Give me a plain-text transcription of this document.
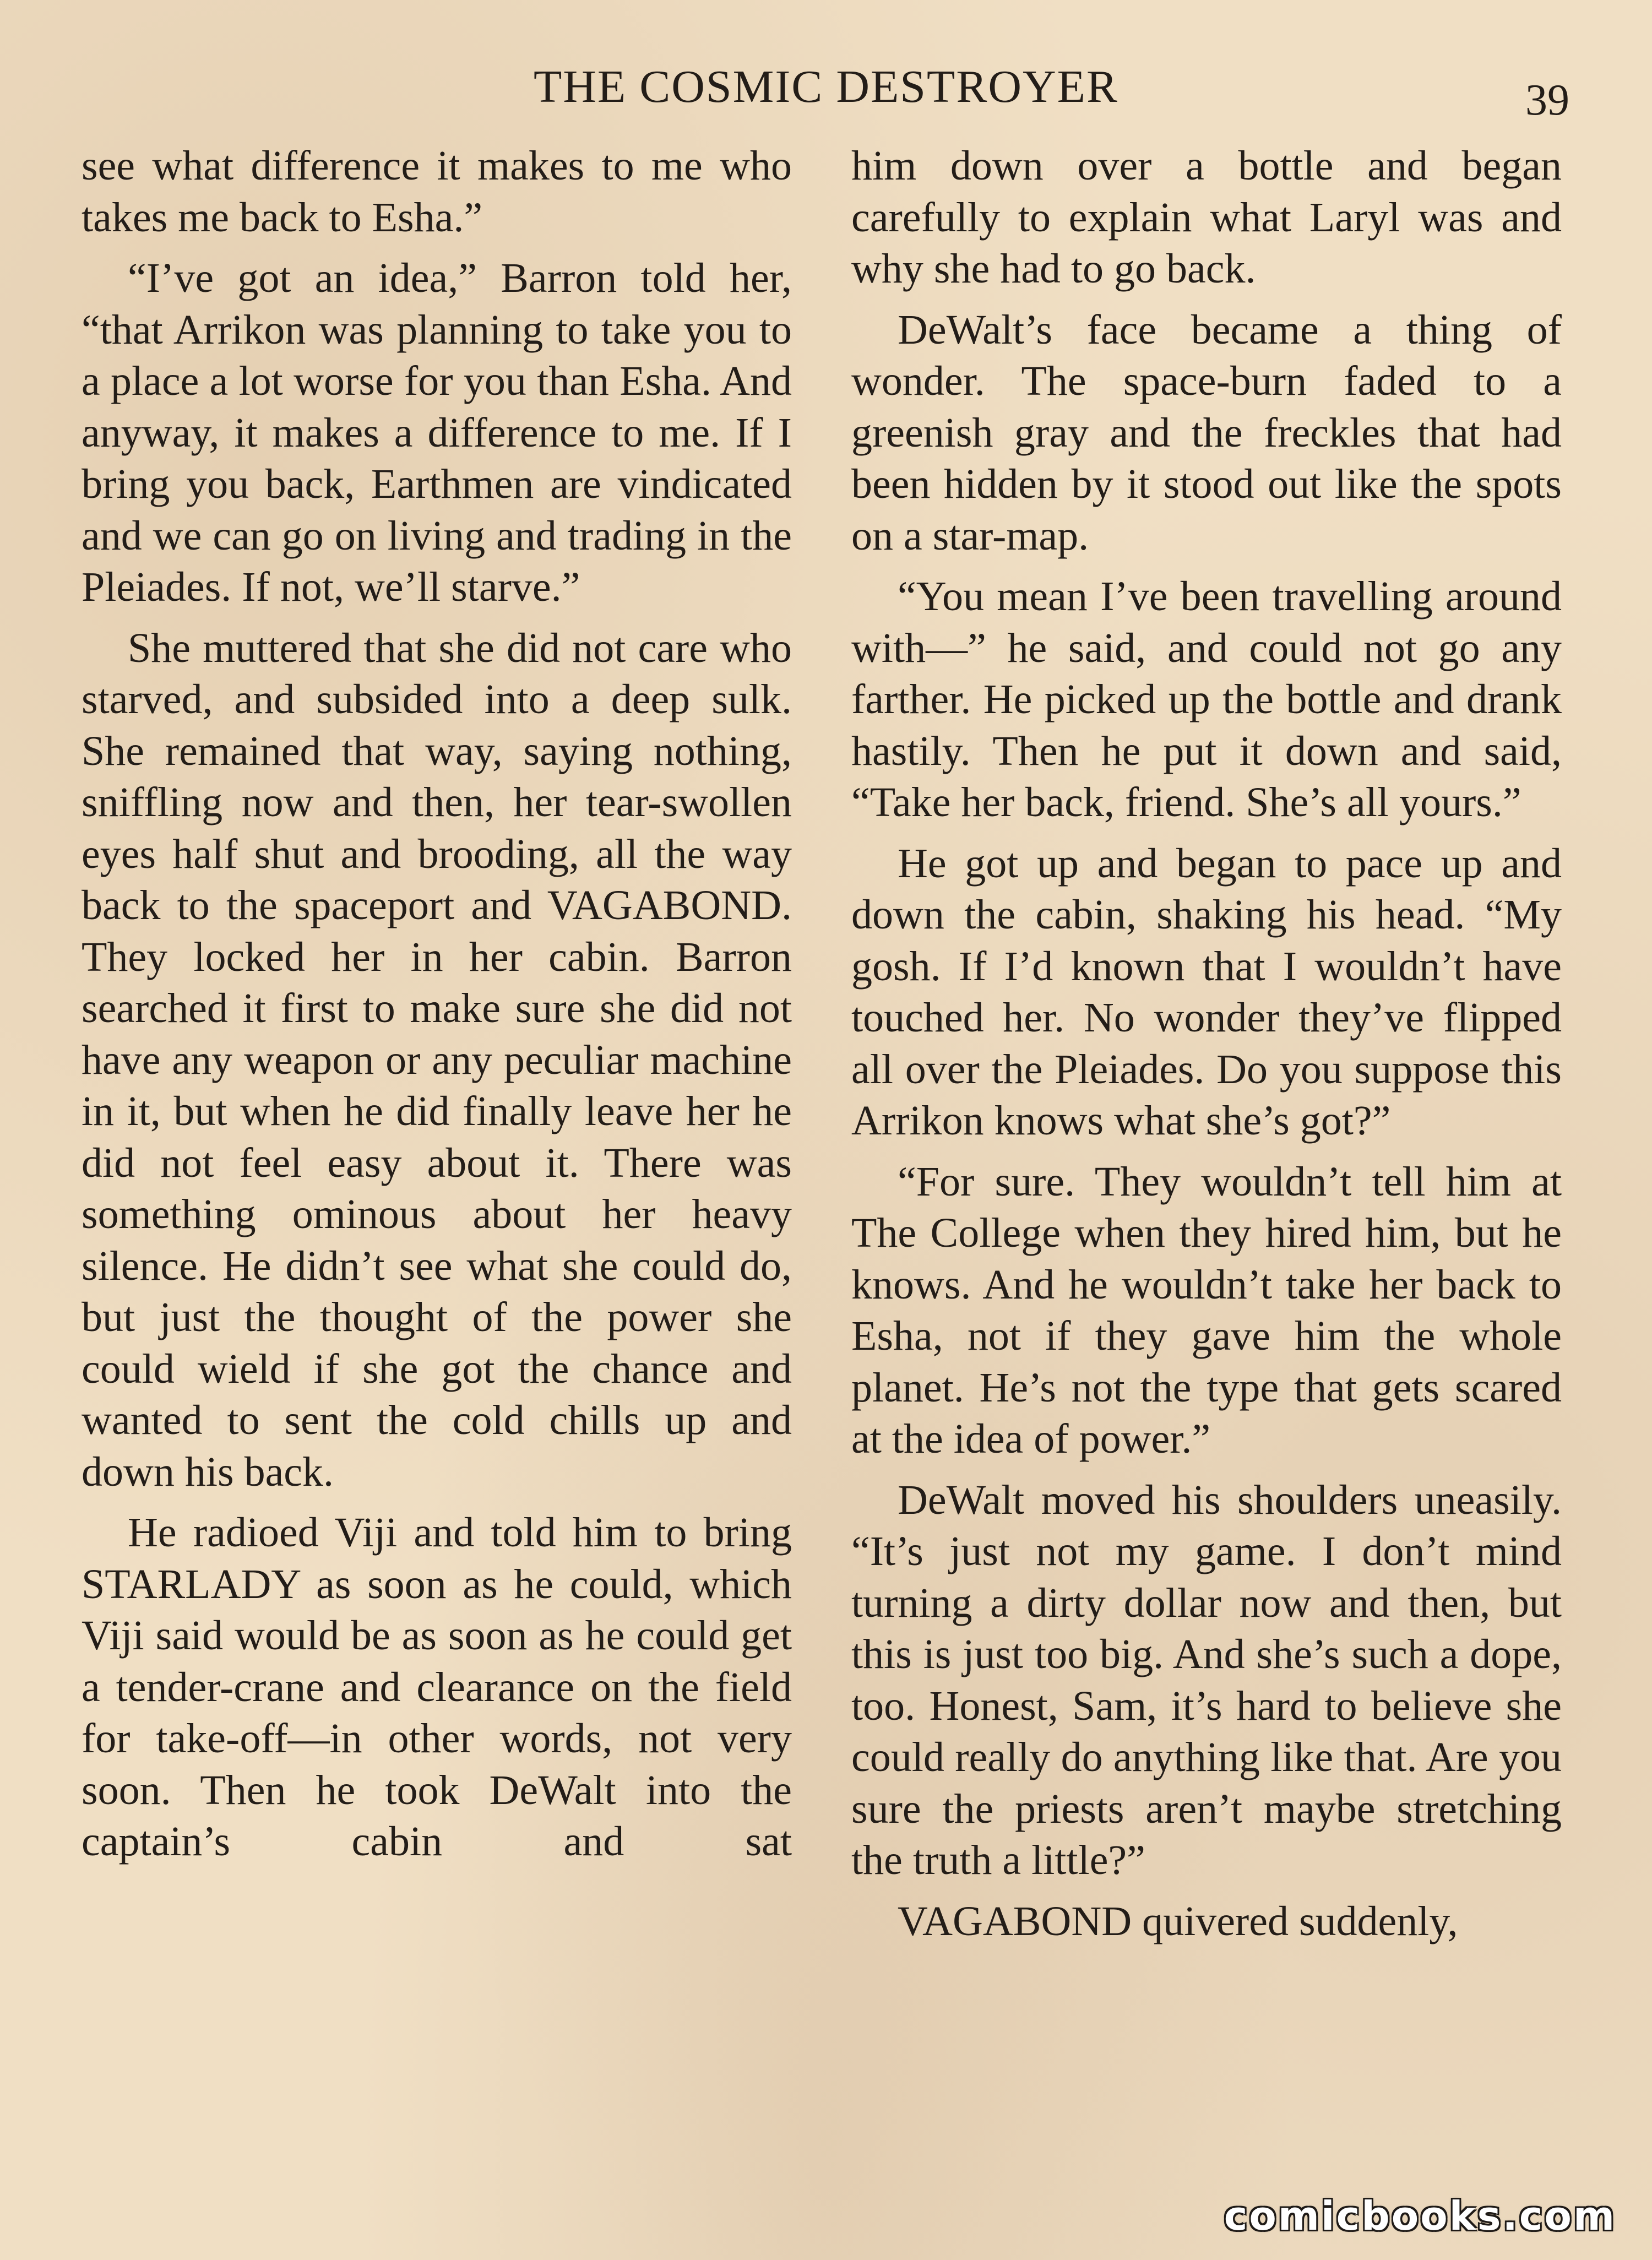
THE COSMIC DESTROYER	39

see what difference it makes to me who takes me back to Esha.”

“I’ve got an idea,” Barron told her, “that Arrikon was planning to take you to a place a lot worse for you than Esha. And anyway, it makes a difference to me. If I bring you back, Earthmen are vindicated and we can go on living and trading in the Pleiades. If not, we’ll starve.”

She muttered that she did not care who starved, and subsided into a deep sulk. She remained that way, saying nothing, sniffling now and then, her tear-swollen eyes half shut and brooding, all the way back to the spaceport and VAGABOND. They locked her in her cabin. Barron searched it first to make sure she did not have any weapon or any peculiar machine in it, but when he did finally leave her he did not feel easy about it. There was something ominous about her heavy silence. He didn’t see what she could do, but just the thought of the power she could wield if she got the chance and wanted to sent the cold chills up and down his back.

He radioed Viji and told him to bring STARLADY as soon as he could, which Viji said would be as soon as he could get a tender-crane and clearance on the field for take-off—in other words, not very soon. Then he took DeWalt into the captain’s cabin and sat

him down over a bottle and began carefully to explain what Laryl was and why she had to go back.

DeWalt’s face became a thing of wonder. The space-burn faded to a greenish gray and the freckles that had been hidden by it stood out like the spots on a star-map.

“You mean I’ve been travelling around with—” he said, and could not go any farther. He picked up the bottle and drank hastily. Then he put it down and said, “Take her back, friend. She’s all yours.”

He got up and began to pace up and down the cabin, shaking his head. “My gosh. If I’d known that I wouldn’t have touched her. No wonder they’ve flipped all over the Pleiades. Do you suppose this Arrikon knows what she’s got?”

“For sure. They wouldn’t tell him at The College when they hired him, but he knows. And he wouldn’t take her back to Esha, not if they gave him the whole planet. He’s not the type that gets scared at the idea of power.”

DeWalt moved his shoulders uneasily. “It’s just not my game. I don’t mind turning a dirty dollar now and then, but this is just too big. And she’s such a dope, too. Honest, Sam, it’s hard to believe she could really do anything like that. Are you sure the priests aren’t maybe stretching the truth a little?”

VAGABOND quivered suddenly,

comicbooks.com
